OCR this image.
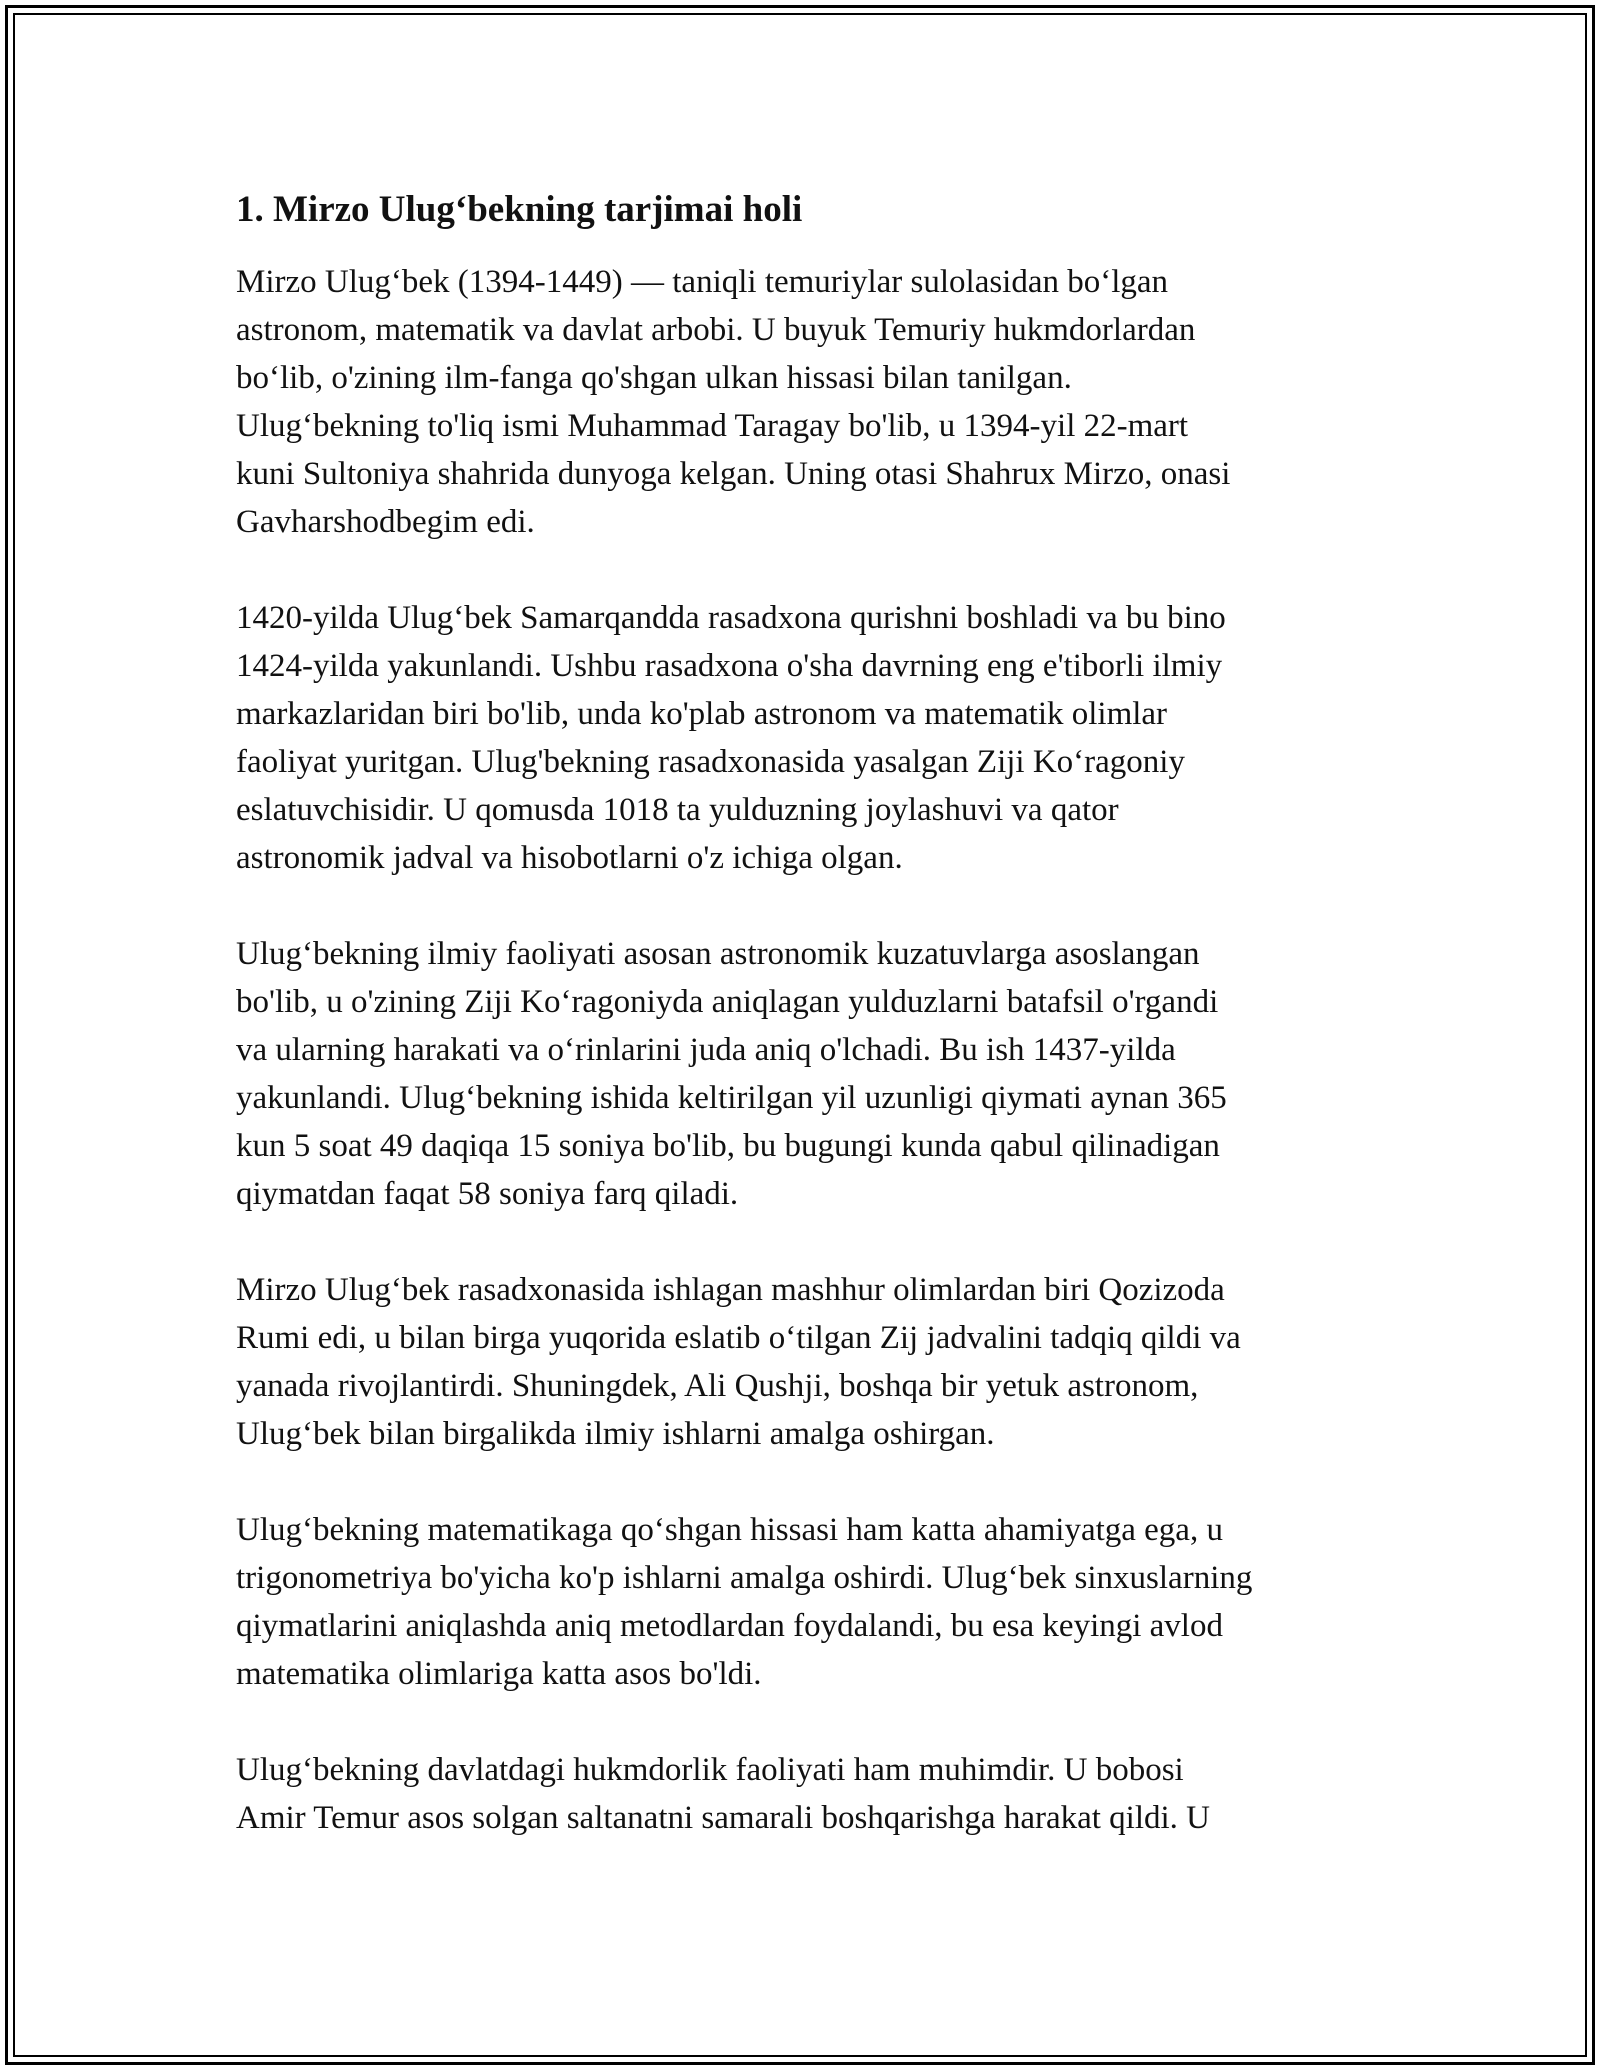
1. Mirzo Ulug‘bekning tarjimai holi
Mirzo Ulug‘bek (1394-1449) — taniqli temuriylar sulolasidan bo‘lgan
astronom, matematik va davlat arbobi. U buyuk Temuriy hukmdorlardan
bo‘lib, o'zining ilm-fanga qo'shgan ulkan hissasi bilan tanilgan.
Ulug‘bekning to'liq ismi Muhammad Taragay bo'lib, u 1394-yil 22-mart
kuni Sultoniya shahrida dunyoga kelgan. Uning otasi Shahrux Mirzo, onasi
Gavharshodbegim edi.
1420-yilda Ulug‘bek Samarqandda rasadxona qurishni boshladi va bu bino
1424-yilda yakunlandi. Ushbu rasadxona o'sha davrning eng e'tiborli ilmiy
markazlaridan biri bo'lib, unda ko'plab astronom va matematik olimlar
faoliyat yuritgan. Ulug'bekning rasadxonasida yasalgan Ziji Ko‘ragoniy
eslatuvchisidir. U qomusda 1018 ta yulduzning joylashuvi va qator
astronomik jadval va hisobotlarni o'z ichiga olgan.
Ulug‘bekning ilmiy faoliyati asosan astronomik kuzatuvlarga asoslangan
bo'lib, u o'zining Ziji Ko‘ragoniyda aniqlagan yulduzlarni batafsil o'rgandi
va ularning harakati va o‘rinlarini juda aniq o'lchadi. Bu ish 1437-yilda
yakunlandi. Ulug‘bekning ishida keltirilgan yil uzunligi qiymati aynan 365
kun 5 soat 49 daqiqa 15 soniya bo'lib, bu bugungi kunda qabul qilinadigan
qiymatdan faqat 58 soniya farq qiladi.
Mirzo Ulug‘bek rasadxonasida ishlagan mashhur olimlardan biri Qozizoda
Rumi edi, u bilan birga yuqorida eslatib o‘tilgan Zij jadvalini tadqiq qildi va
yanada rivojlantirdi. Shuningdek, Ali Qushji, boshqa bir yetuk astronom,
Ulug‘bek bilan birgalikda ilmiy ishlarni amalga oshirgan.
Ulug‘bekning matematikaga qo‘shgan hissasi ham katta ahamiyatga ega, u
trigonometriya bo'yicha ko'p ishlarni amalga oshirdi. Ulug‘bek sinxuslarning
qiymatlarini aniqlashda aniq metodlardan foydalandi, bu esa keyingi avlod
matematika olimlariga katta asos bo'ldi.
Ulug‘bekning davlatdagi hukmdorlik faoliyati ham muhimdir. U bobosi
Amir Temur asos solgan saltanatni samarali boshqarishga harakat qildi. U
